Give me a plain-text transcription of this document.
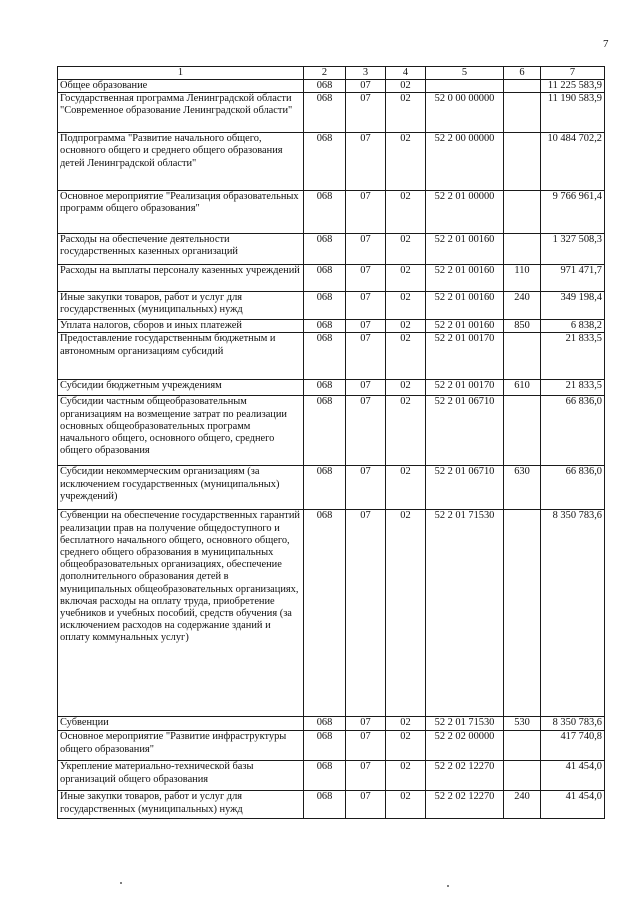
7
1	2	3	4	5	6	7
Общее образование	068	07	02			11 225 583,9
Государственная программа Ленинградской области "Современное образование Ленинградской области"	068	07	02	52 0 00 00000		11 190 583,9
Подпрограмма "Развитие начального общего, основного общего и среднего общего образования детей Ленинградской области"	068	07	02	52 2 00 00000		10 484 702,2
Основное мероприятие "Реализация образовательных программ общего образования"	068	07	02	52 2 01 00000		9 766 961,4
Расходы на обеспечение деятельности государственных казенных организаций	068	07	02	52 2 01 00160		1 327 508,3
Расходы на выплаты персоналу казенных учреждений	068	07	02	52 2 01 00160	110	971 471,7
Иные закупки товаров, работ и услуг для государственных (муниципальных) нужд	068	07	02	52 2 01 00160	240	349 198,4
Уплата налогов, сборов и иных платежей	068	07	02	52 2 01 00160	850	6 838,2
Предоставление государственным бюджетным и автономным организациям субсидий	068	07	02	52 2 01 00170		21 833,5
Субсидии бюджетным учреждениям	068	07	02	52 2 01 00170	610	21 833,5
Субсидии частным общеобразовательным организациям на возмещение затрат по реализации основных общеобразовательных программ начального общего, основного общего, среднего общего образования	068	07	02	52 2 01 06710		66 836,0
Субсидии некоммерческим организациям (за исключением государственных (муниципальных) учреждений)	068	07	02	52 2 01 06710	630	66 836,0
Субвенции на обеспечение государственных гарантий реализации прав на получение общедоступного и бесплатного начального общего, основного общего, среднего общего образования в муниципальных общеобразовательных организациях, обеспечение дополнительного образования детей в муниципальных общеобразовательных организациях, включая расходы на оплату труда, приобретение учебников и учебных пособий, средств обучения (за исключением расходов на содержание зданий и оплату коммунальных услуг)	068	07	02	52 2 01 71530		8 350 783,6
Субвенции	068	07	02	52 2 01 71530	530	8 350 783,6
Основное мероприятие "Развитие инфраструктуры общего образования"	068	07	02	52 2 02 00000		417 740,8
Укрепление материально-технической базы организаций общего образования	068	07	02	52 2 02 12270		41 454,0
Иные закупки товаров, работ и услуг для государственных (муниципальных) нужд	068	07	02	52 2 02 12270	240	41 454,0
